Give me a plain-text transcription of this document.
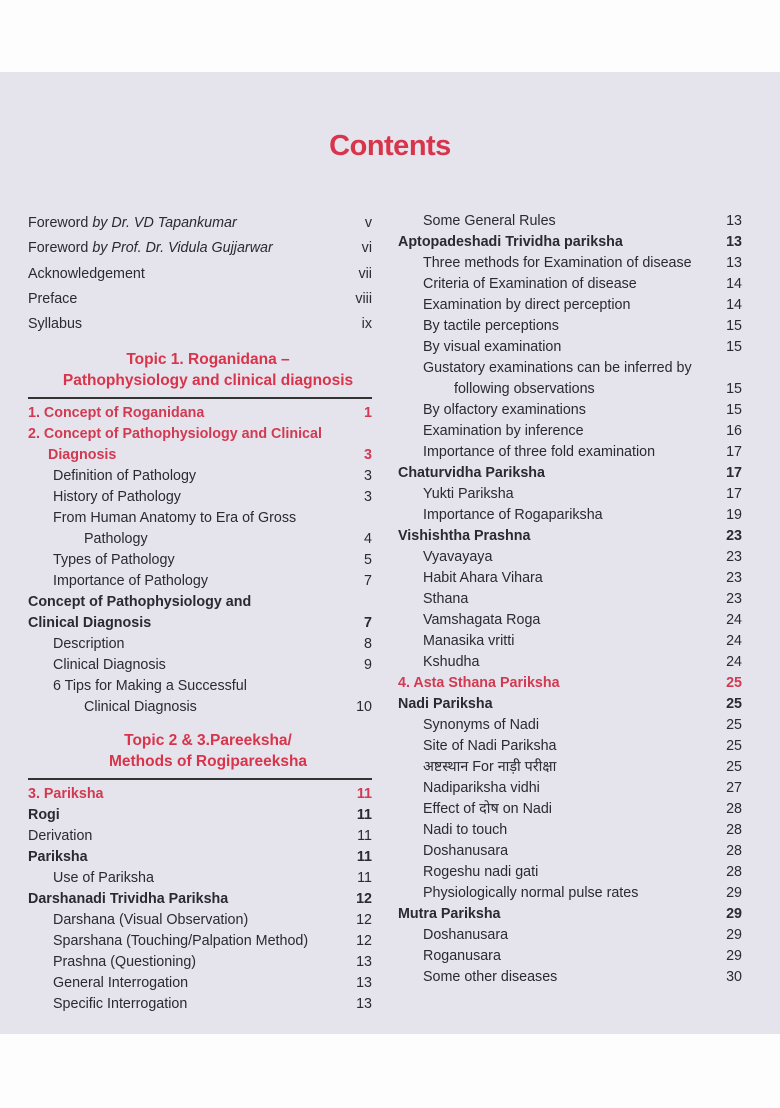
Contents
Foreword by Dr. VD Tapankumar	v
Foreword by Prof. Dr. Vidula Gujjarwar	vi
Acknowledgement	vii
Preface	viii
Syllabus	ix
Topic 1. Roganidana –
Pathophysiology and clinical diagnosis
1. Concept of Roganidana	1
2. Concept of Pathophysiology and Clinical
Diagnosis	3
Definition of Pathology	3
History of Pathology	3
From Human Anatomy to Era of Gross
Pathology	4
Types of Pathology	5
Importance of Pathology	7
Concept of Pathophysiology and
Clinical Diagnosis	7
Description	8
Clinical Diagnosis	9
6 Tips for Making a Successful
Clinical Diagnosis	10
Topic 2 & 3.Pareeksha/
Methods of Rogipareeksha
3. Pariksha	11
Rogi	11
Derivation	11
Pariksha	11
Use of Pariksha	11
Darshanadi Trividha Pariksha	12
Darshana (Visual Observation)	12
Sparshana (Touching/Palpation Method)	12
Prashna (Questioning)	13
General Interrogation	13
Specific Interrogation	13
Some General Rules	13
Aptopadeshadi Trividha pariksha	13
Three methods for Examination of disease 13
Criteria of Examination of disease	14
Examination by direct perception	14
By tactile perceptions	15
By visual examination	15
Gustatory examinations can be inferred by
following observations	15
By olfactory examinations	15
Examination by inference	16
Importance of three fold examination	17
Chaturvidha Pariksha	17
Yukti Pariksha	17
Importance of Rogapariksha	19
Vishishtha Prashna	23
Vyavayaya	23
Habit Ahara Vihara	23
Sthana	23
Vamshagata Roga	24
Manasika vritti	24
Kshudha	24
4. Asta Sthana Pariksha	25
Nadi Pariksha	25
Synonyms of Nadi	25
Site of Nadi Pariksha	25
अष्टस्थान For नाड़ी परीक्षा	25
Nadipariksha vidhi	27
Effect of दोष on Nadi	28
Nadi to touch	28
Doshanusara	28
Rogeshu nadi gati	28
Physiologically normal pulse rates	29
Mutra Pariksha	29
Doshanusara	29
Roganusara	29
Some other diseases	30
